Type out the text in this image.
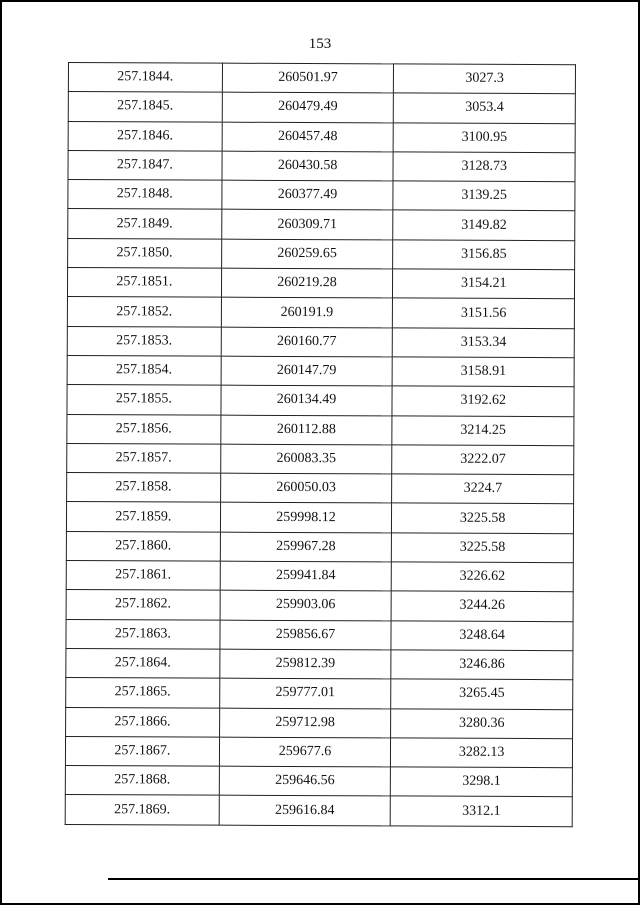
153
257.1844.	260501.97	3027.3
257.1845.	260479.49	3053.4
257.1846.	260457.48	3100.95
257.1847.	260430.58	3128.73
257.1848.	260377.49	3139.25
257.1849.	260309.71	3149.82
257.1850.	260259.65	3156.85
257.1851.	260219.28	3154.21
257.1852.	260191.9	3151.56
257.1853.	260160.77	3153.34
257.1854.	260147.79	3158.91
257.1855.	260134.49	3192.62
257.1856.	260112.88	3214.25
257.1857.	260083.35	3222.07
257.1858.	260050.03	3224.7
257.1859.	259998.12	3225.58
257.1860.	259967.28	3225.58
257.1861.	259941.84	3226.62
257.1862.	259903.06	3244.26
257.1863.	259856.67	3248.64
257.1864.	259812.39	3246.86
257.1865.	259777.01	3265.45
257.1866.	259712.98	3280.36
257.1867.	259677.6	3282.13
257.1868.	259646.56	3298.1
257.1869.	259616.84	3312.1
